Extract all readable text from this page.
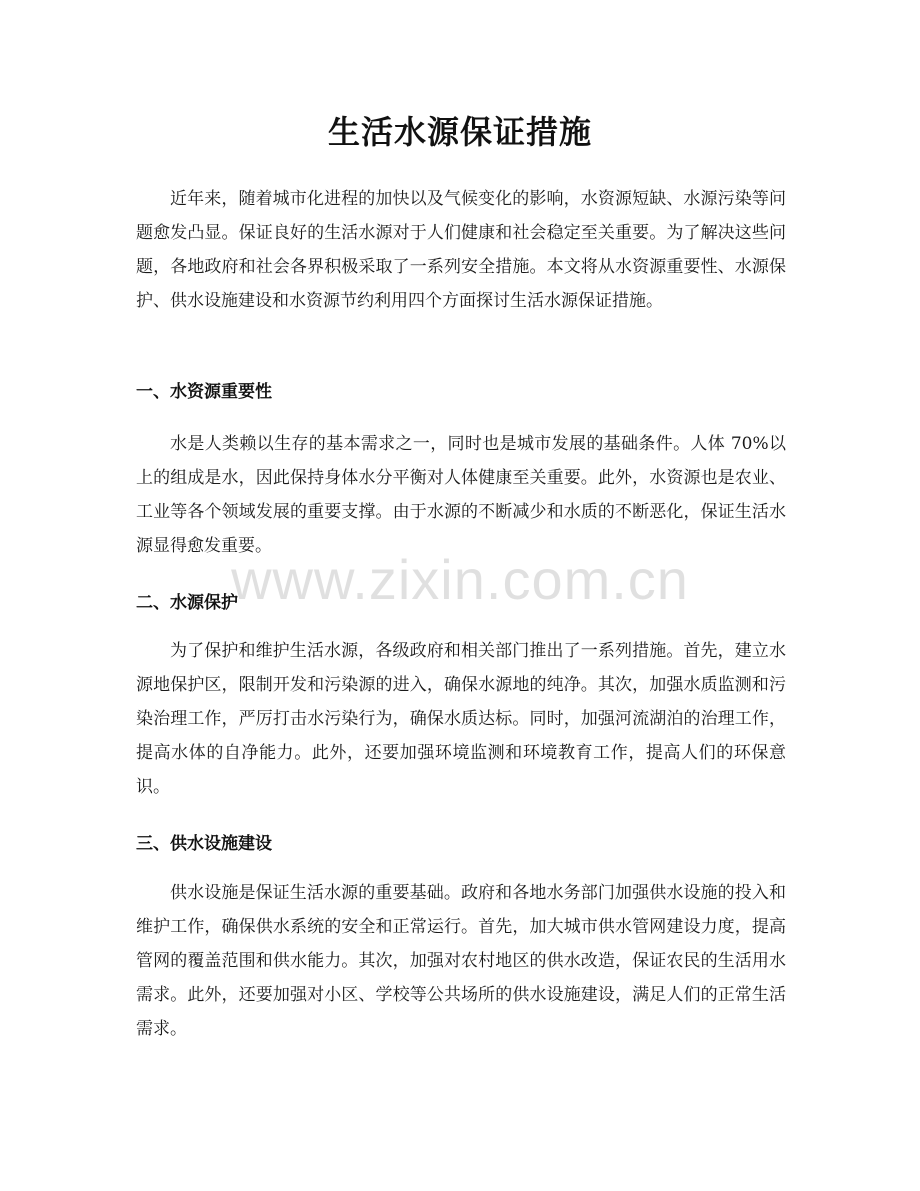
生活水源保证措施

近年来，随着城市化进程的加快以及气候变化的影响，水资源短缺、水源污染等问题愈发凸显。保证良好的生活水源对于人们健康和社会稳定至关重要。为了解决这些问题，各地政府和社会各界积极采取了一系列安全措施。本文将从水资源重要性、水源保护、供水设施建设和水资源节约利用四个方面探讨生活水源保证措施。

一、水资源重要性

水是人类赖以生存的基本需求之一，同时也是城市发展的基础条件。人体 70%以上的组成是水，因此保持身体水分平衡对人体健康至关重要。此外，水资源也是农业、工业等各个领域发展的重要支撑。由于水源的不断减少和水质的不断恶化，保证生活水源显得愈发重要。

二、水源保护

为了保护和维护生活水源，各级政府和相关部门推出了一系列措施。首先，建立水源地保护区，限制开发和污染源的进入，确保水源地的纯净。其次，加强水质监测和污染治理工作，严厉打击水污染行为，确保水质达标。同时，加强河流湖泊的治理工作，提高水体的自净能力。此外，还要加强环境监测和环境教育工作，提高人们的环保意识。

三、供水设施建设

供水设施是保证生活水源的重要基础。政府和各地水务部门加强供水设施的投入和维护工作，确保供水系统的安全和正常运行。首先，加大城市供水管网建设力度，提高管网的覆盖范围和供水能力。其次，加强对农村地区的供水改造，保证农民的生活用水需求。此外，还要加强对小区、学校等公共场所的供水设施建设，满足人们的正常生活需求。

www.zixin.com.cn
